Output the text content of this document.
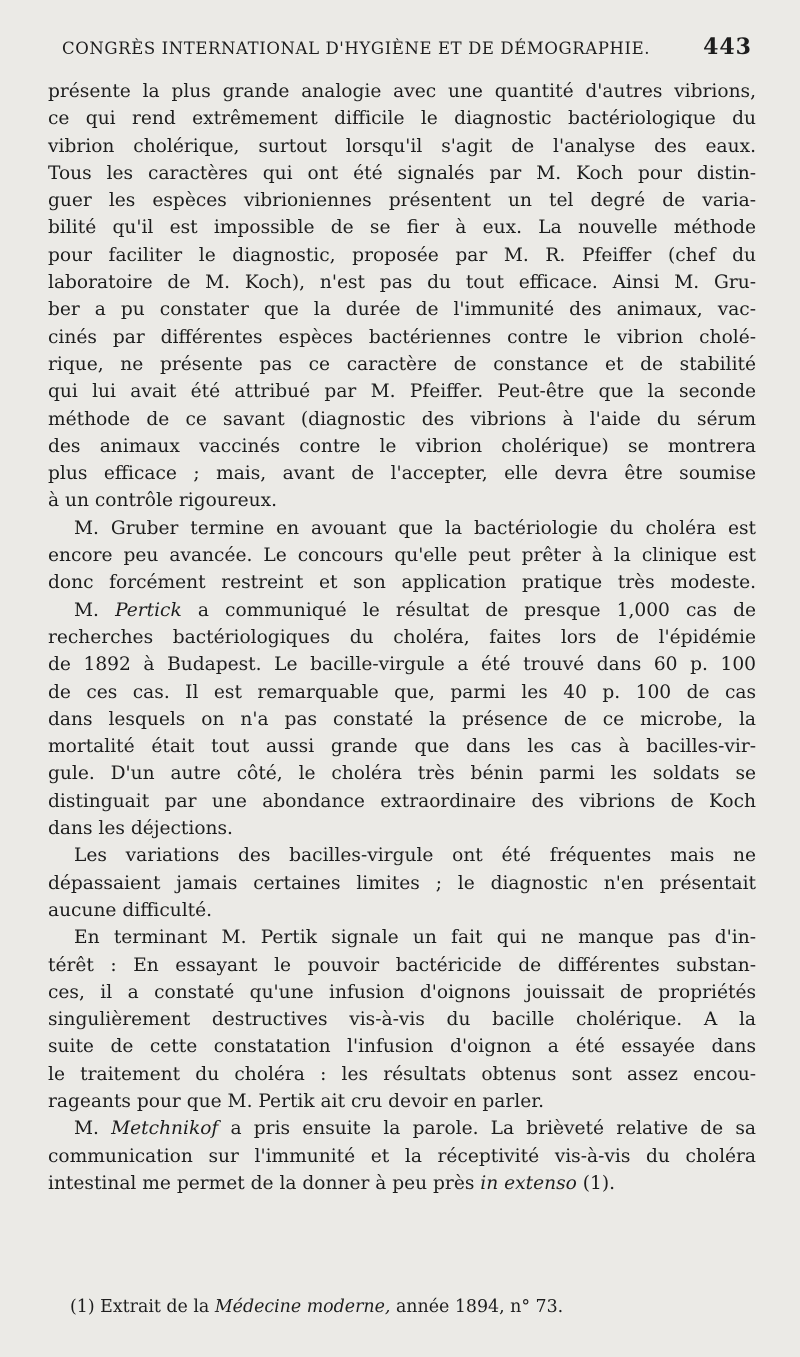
CONGRÈS INTERNATIONAL D'HYGIÈNE ET DE DÉMOGRAPHIE. 443
présente la plus grande analogie avec une quantité d'autres vibrions,
ce qui rend extrêmement difficile le diagnostic bactériologique du
vibrion cholérique, surtout lorsqu'il s'agit de l'analyse des eaux.
Tous les caractères qui ont été signalés par M. Koch pour distin-
guer les espèces vibrioniennes présentent un tel degré de varia-
bilité qu'il est impossible de se fier à eux. La nouvelle méthode
pour faciliter le diagnostic, proposée par M. R. Pfeiffer (chef du
laboratoire de M. Koch), n'est pas du tout efficace. Ainsi M. Gru-
ber a pu constater que la durée de l'immunité des animaux, vac-
cinés par différentes espèces bactériennes contre le vibrion cholé-
rique, ne présente pas ce caractère de constance et de stabilité
qui lui avait été attribué par M. Pfeiffer. Peut-être que la seconde
méthode de ce savant (diagnostic des vibrions à l'aide du sérum
des animaux vaccinés contre le vibrion cholérique) se montrera
plus efficace ; mais, avant de l'accepter, elle devra être soumise
à un contrôle rigoureux.
M. Gruber termine en avouant que la bactériologie du choléra est
encore peu avancée. Le concours qu'elle peut prêter à la clinique est
donc forcément restreint et son application pratique très modeste.
M. Pertick a communiqué le résultat de presque 1,000 cas de
recherches bactériologiques du choléra, faites lors de l'épidémie
de 1892 à Budapest. Le bacille-virgule a été trouvé dans 60 p. 100
de ces cas. Il est remarquable que, parmi les 40 p. 100 de cas
dans lesquels on n'a pas constaté la présence de ce microbe, la
mortalité était tout aussi grande que dans les cas à bacilles-vir-
gule. D'un autre côté, le choléra très bénin parmi les soldats se
distinguait par une abondance extraordinaire des vibrions de Koch
dans les déjections.
Les variations des bacilles-virgule ont été fréquentes mais ne
dépassaient jamais certaines limites ; le diagnostic n'en présentait
aucune difficulté.
En terminant M. Pertik signale un fait qui ne manque pas d'in-
térêt : En essayant le pouvoir bactéricide de différentes substan-
ces, il a constaté qu'une infusion d'oignons jouissait de propriétés
singulièrement destructives vis-à-vis du bacille cholérique. A la
suite de cette constatation l'infusion d'oignon a été essayée dans
le traitement du choléra : les résultats obtenus sont assez encou-
rageants pour que M. Pertik ait cru devoir en parler.
M. Metchnikof a pris ensuite la parole. La brièveté relative de sa
communication sur l'immunité et la réceptivité vis-à-vis du choléra
intestinal me permet de la donner à peu près in extenso (1).
(1) Extrait de la Médecine moderne, année 1894, n° 73.
